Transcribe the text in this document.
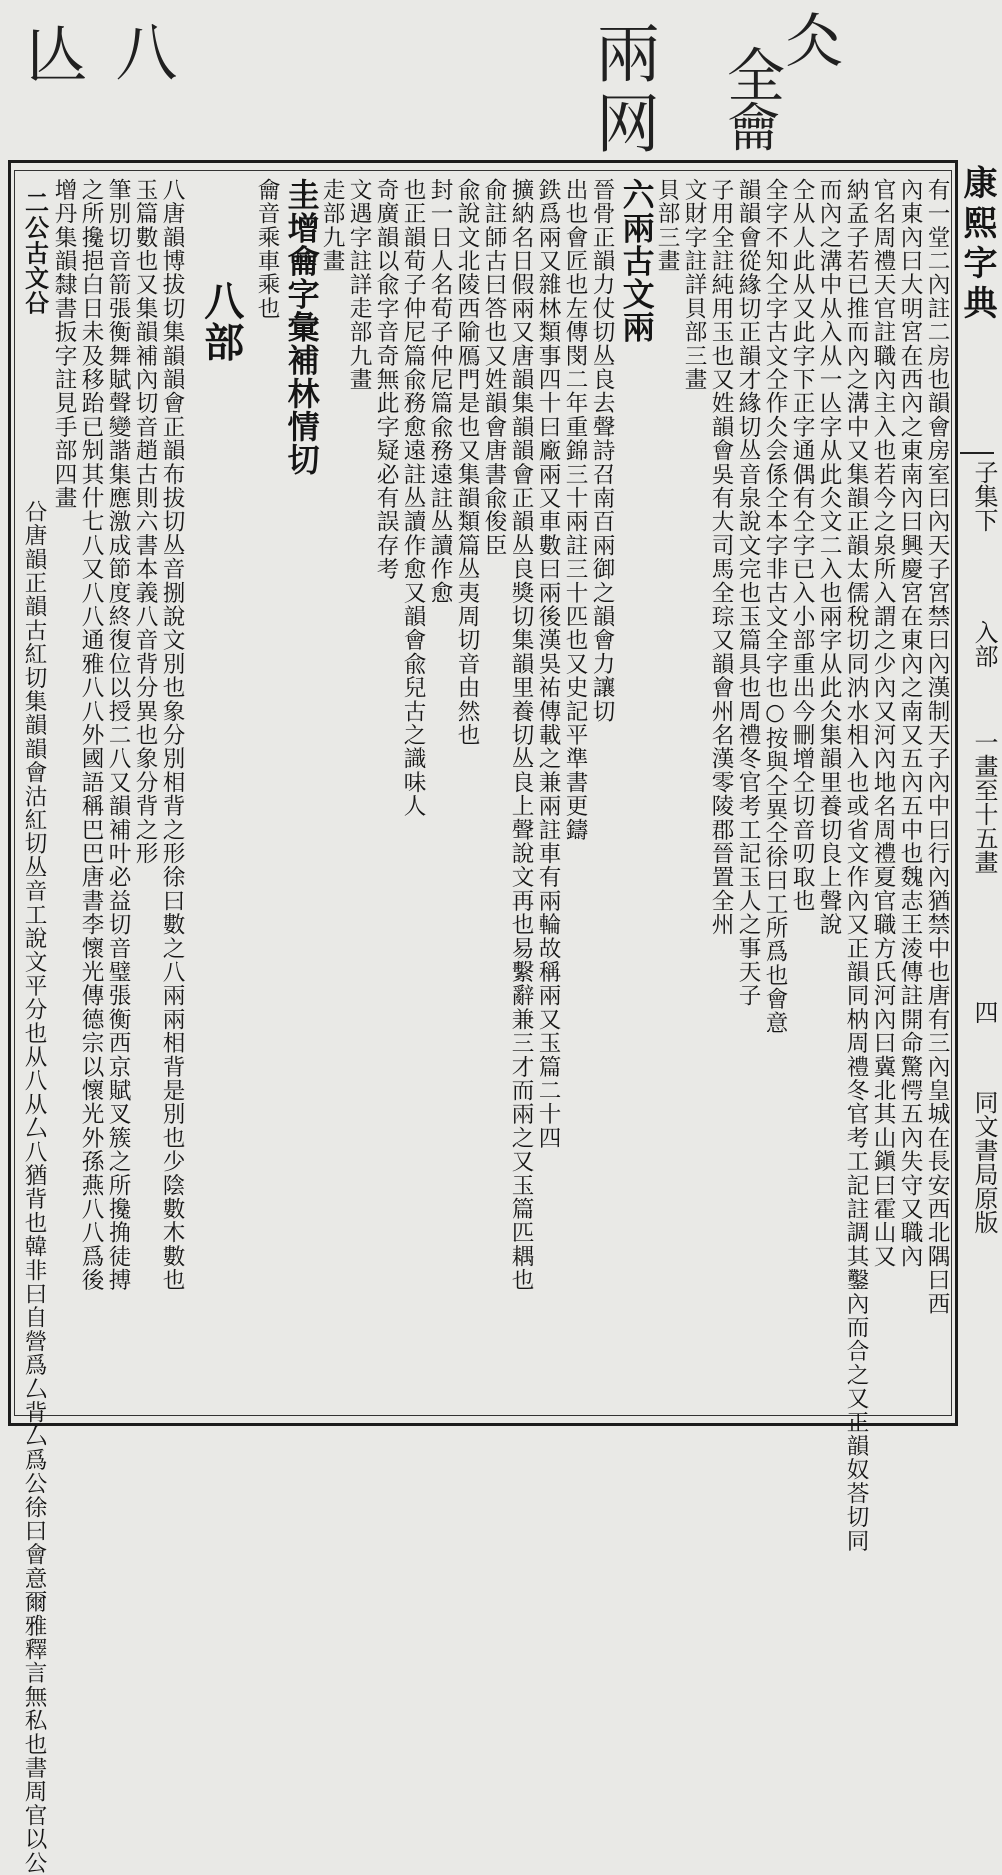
仌
全
龠
兩
网
八
亾
康熙字典
子集下
入部
一畫至十五畫
四
同文書局原版
有一堂二內註二房也韻會房室曰內天子宮禁曰內漢制天子內中曰行內猶禁中也唐有三內皇城在長安西北隅曰西
內東內曰大明宮在西內之東南內曰興慶宮在東內之南又五內五中也魏志王淩傳註開命驚愕五內失守又職內
官名周禮天官註職內主入也若今之泉所入謂之少內又河內地名周禮夏官職方氏河內曰冀北其山鎭曰霍山又
納孟子若已推而內之溝中又集韻正韻太儒稅切同汭水相入也或省文作內又正韻同枘周禮冬官考工記註調其鑿內而合之又正韻奴荅切同
而內之溝中从入从一亾字从此仌文二入也兩字从此仌集韻里養切良上聲說
仝从人此从又此字下正字通偶有仝字已入小部重出今刪增仝切音叨取也
全字不知仝字古文仝作仌会係仝本字非古文全字也○按與仝異仝徐曰工所爲也會意
韻韻會從緣切正韻才緣切丛音泉說文完也玉篇具也周禮冬官考工記玉人之事天子
子用全註純用玉也又姓韻會吳有大司馬全琮又韻會州名漢零陵郡晉置全州
文財字註詳貝部三畫
貝部三畫
六兩古文兩
晉骨正韻力仗切丛良去聲詩召南百兩御之韻會力讓切
出也會匠也左傳閔二年重錦三十兩註三十匹也又史記平準書更鑄
鉄爲兩又雜林類事四十曰廠兩又車數曰兩後漢吳祐傳載之兼兩註車有兩輪故稱兩又玉篇二十四
擴納名日假兩又唐韻集韻韻會正韻丛良獎切集韻里養切丛良上聲說文再也易繫辭兼三才而兩之又玉篇匹耦也
俞註師古曰答也又姓韻會唐書兪俊臣
兪說文北陵西隃鴈門是也又集韻類篇丛夷周切音由然也
封一日人名荀子仲尼篇兪務遠註丛讀作愈
也正韻荀子仲尼篇兪務愈遠註丛讀作愈又韻會兪兒古之識味人
奇廣韻以兪字音奇無此字疑必有誤存考
文遇字註詳走部九畫
走部九畫
圭增龠字彙補林情切
龠音乘車乘也
八部
八唐韻博拔切集韻韻會正韻布拔切丛音捌說文別也象分別相背之形徐曰數之八兩兩相背是別也少陰數木數也
玉篇數也又集韻補內切音趙古則六書本義八音背分異也象分背之形
筆別切音箭張衡舞賦聲變諧集應激成節度終復位以授二八又韻補叶必益切音璧張衡西京賦叉簇之所攙捔徒搏
之所攙挹白日未及移跆已𠜎其什七八又八八通雅八八外國語稱巴巴唐書李懷光傳德宗以懷光外孫燕八八爲後
增丹集韻隸書扳字註見手部四畫
二公古文㕣
㕣唐韻正韻古紅切集韻韻會沽紅切丛音工說文平分也从八从厶八猶背也韓非曰自營爲厶背厶爲公徐曰會意爾雅釋言無私也書周官以公
